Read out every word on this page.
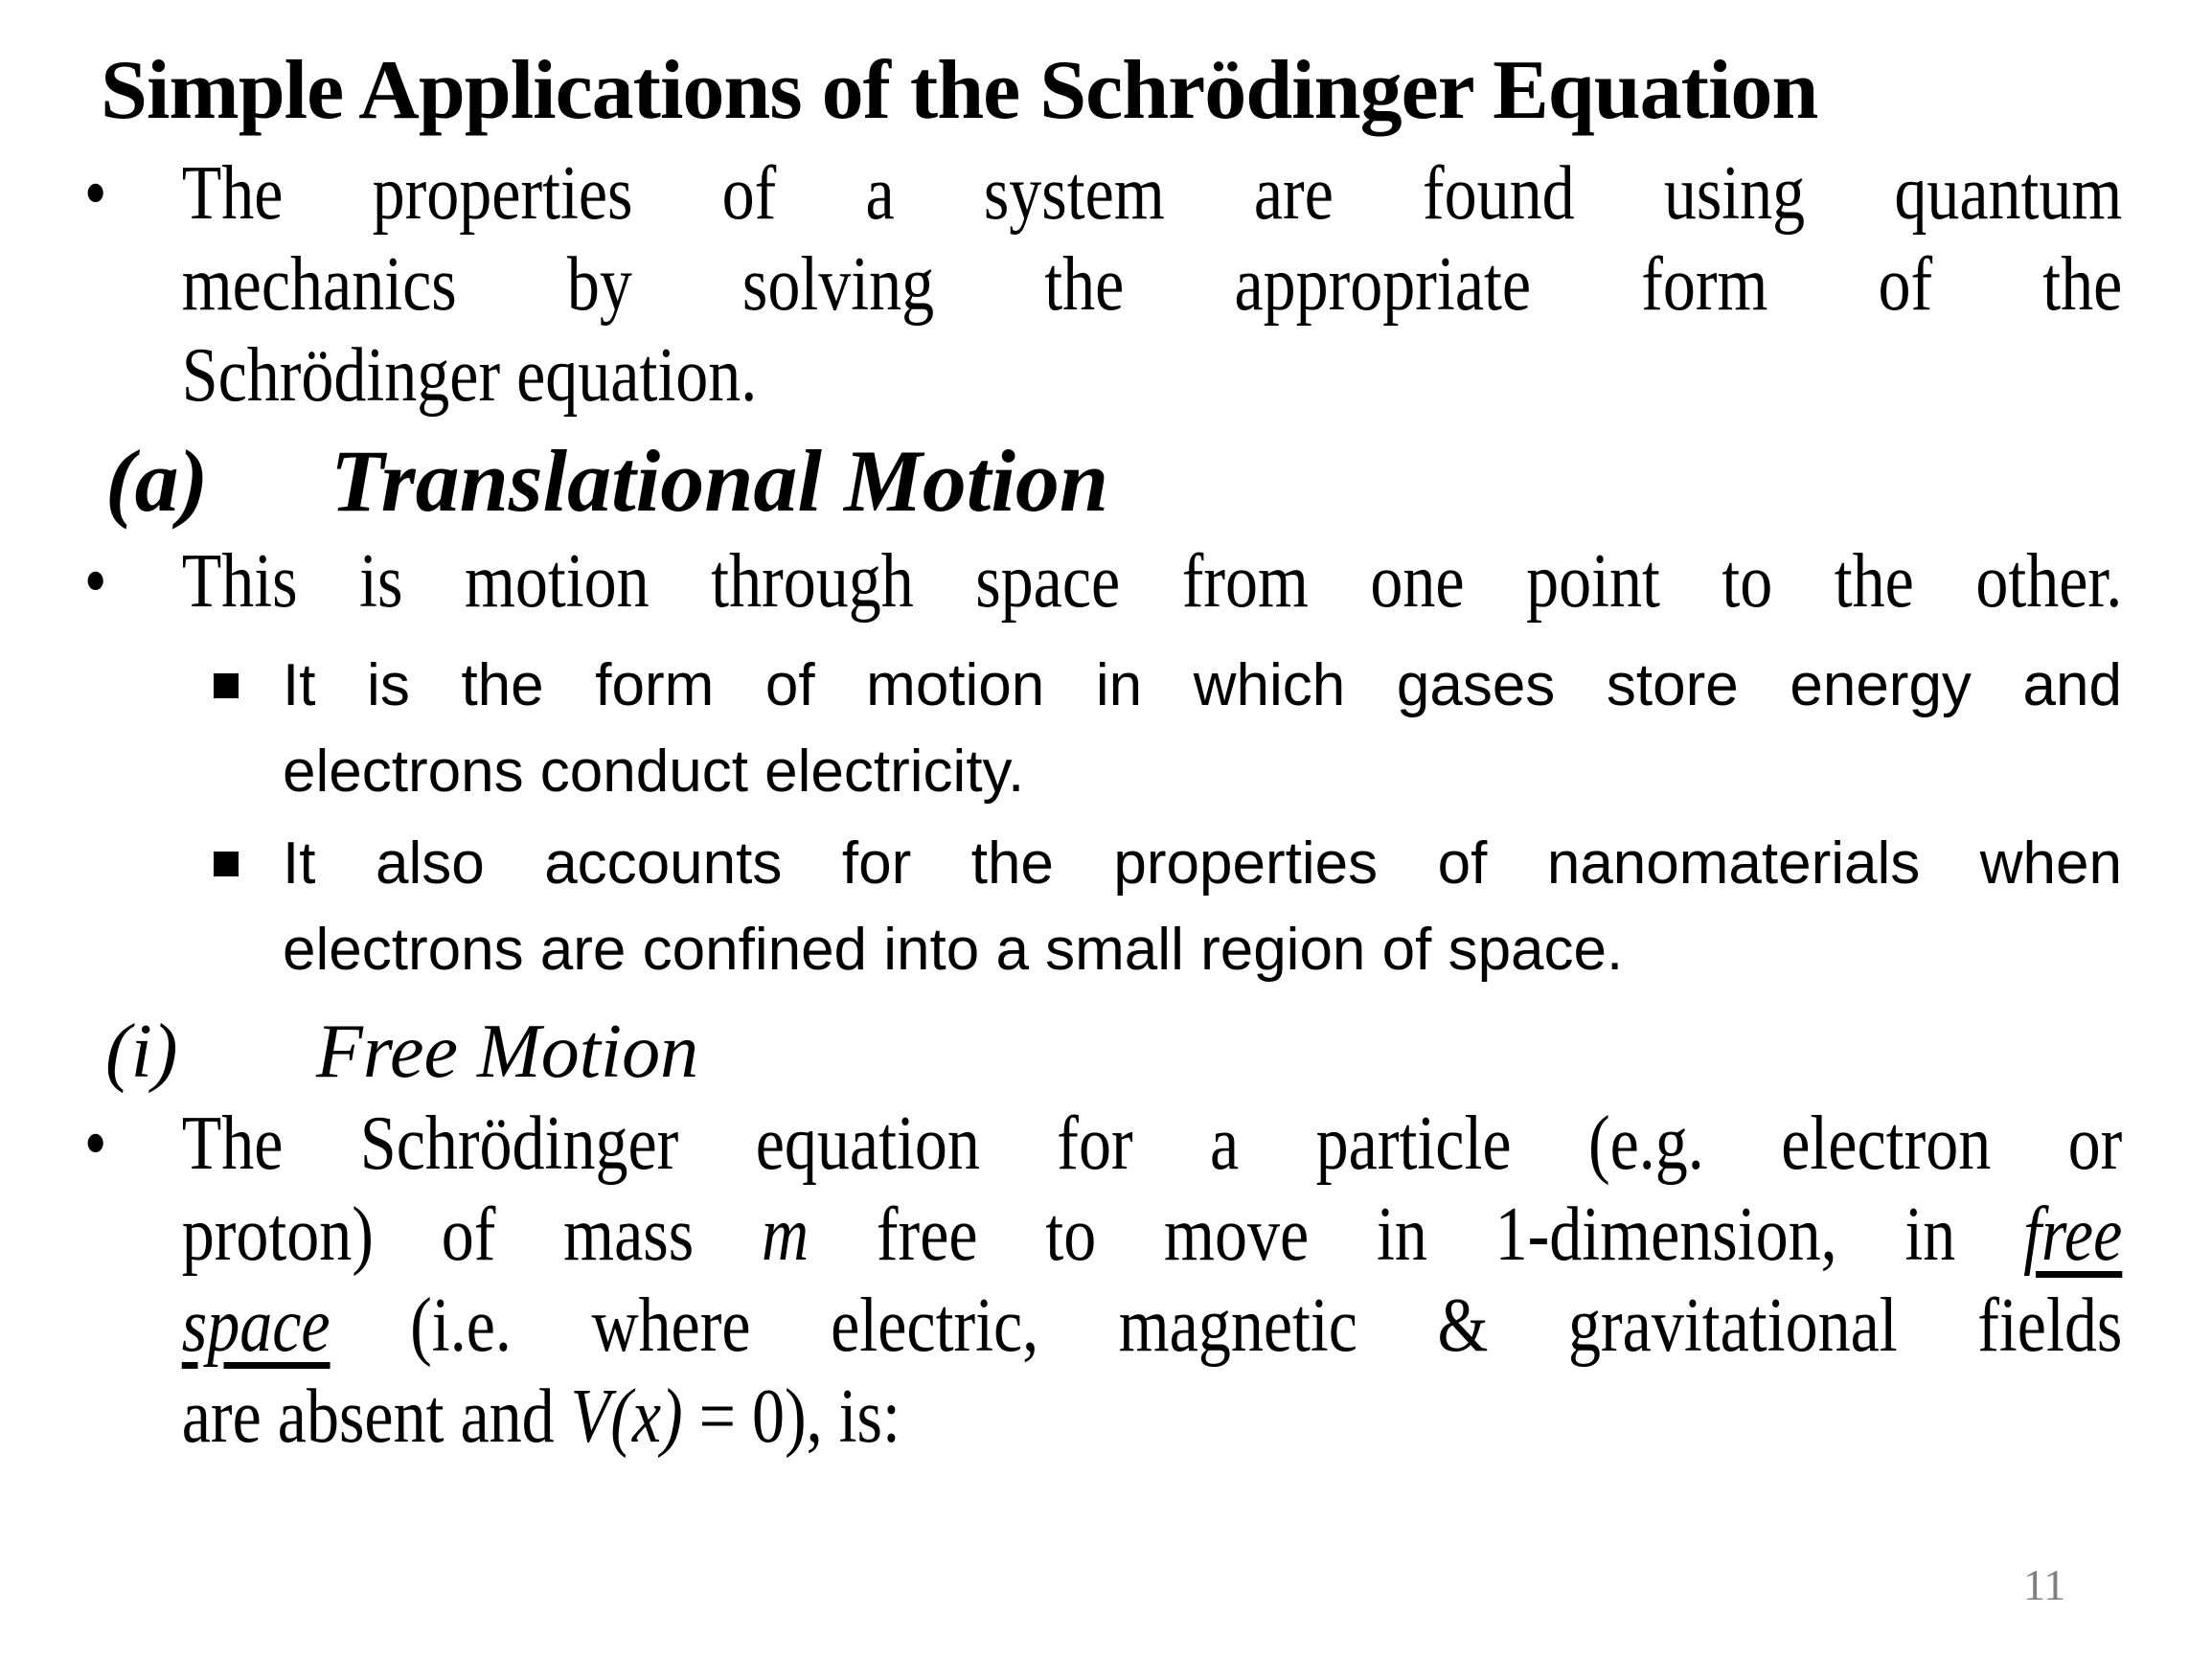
Simple Applications of the Schrödinger Equation
• The properties of a system are found using quantum
mechanics by solving the appropriate form of the
Schrödinger equation.
(a) Translational Motion
• This is motion through space from one point to the other.
It is the form of motion in which gases store energy and
electrons conduct electricity.
It also accounts for the properties of nanomaterials when
electrons are confined into a small region of space.
(i) Free Motion
• The Schrödinger equation for a particle (e.g. electron or
proton) of mass m free to move in 1-dimension, in free
space (i.e. where electric, magnetic & gravitational fields
are absent and V(x) = 0), is:
11
